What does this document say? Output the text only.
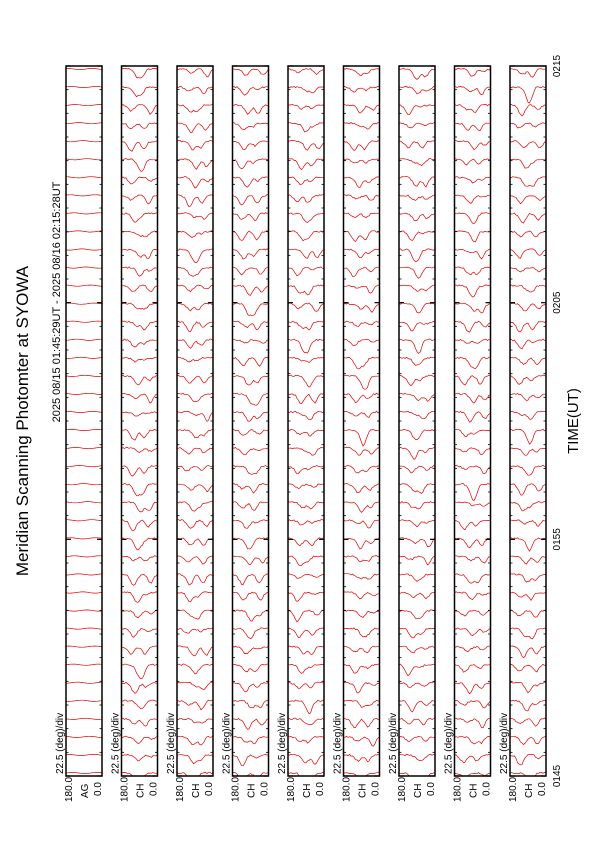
Meridian Scanning Photomter at SYOWA 2025 08/15 01:45:29UT - 2025 08/16 02:15:28UT
180.0 0.0
AG
22.5 (deg)/div
180.0 0.0
CH
22.5 (deg)/div
180.0 0.0
CH
22.5 (deg)/div
180.0 0.0
CH
22.5 (deg)/div
180.0 0.0
CH
22.5 (deg)/div
180.0 0.0
CH
22.5 (deg)/div
180.0 0.0
CH
22.5 (deg)/div
180.0 0.0
CH
22.5 (deg)/div
180.0 0.0
CH
22.5 (deg)/div
0145
0155
0205
0215
TIME(UT)
